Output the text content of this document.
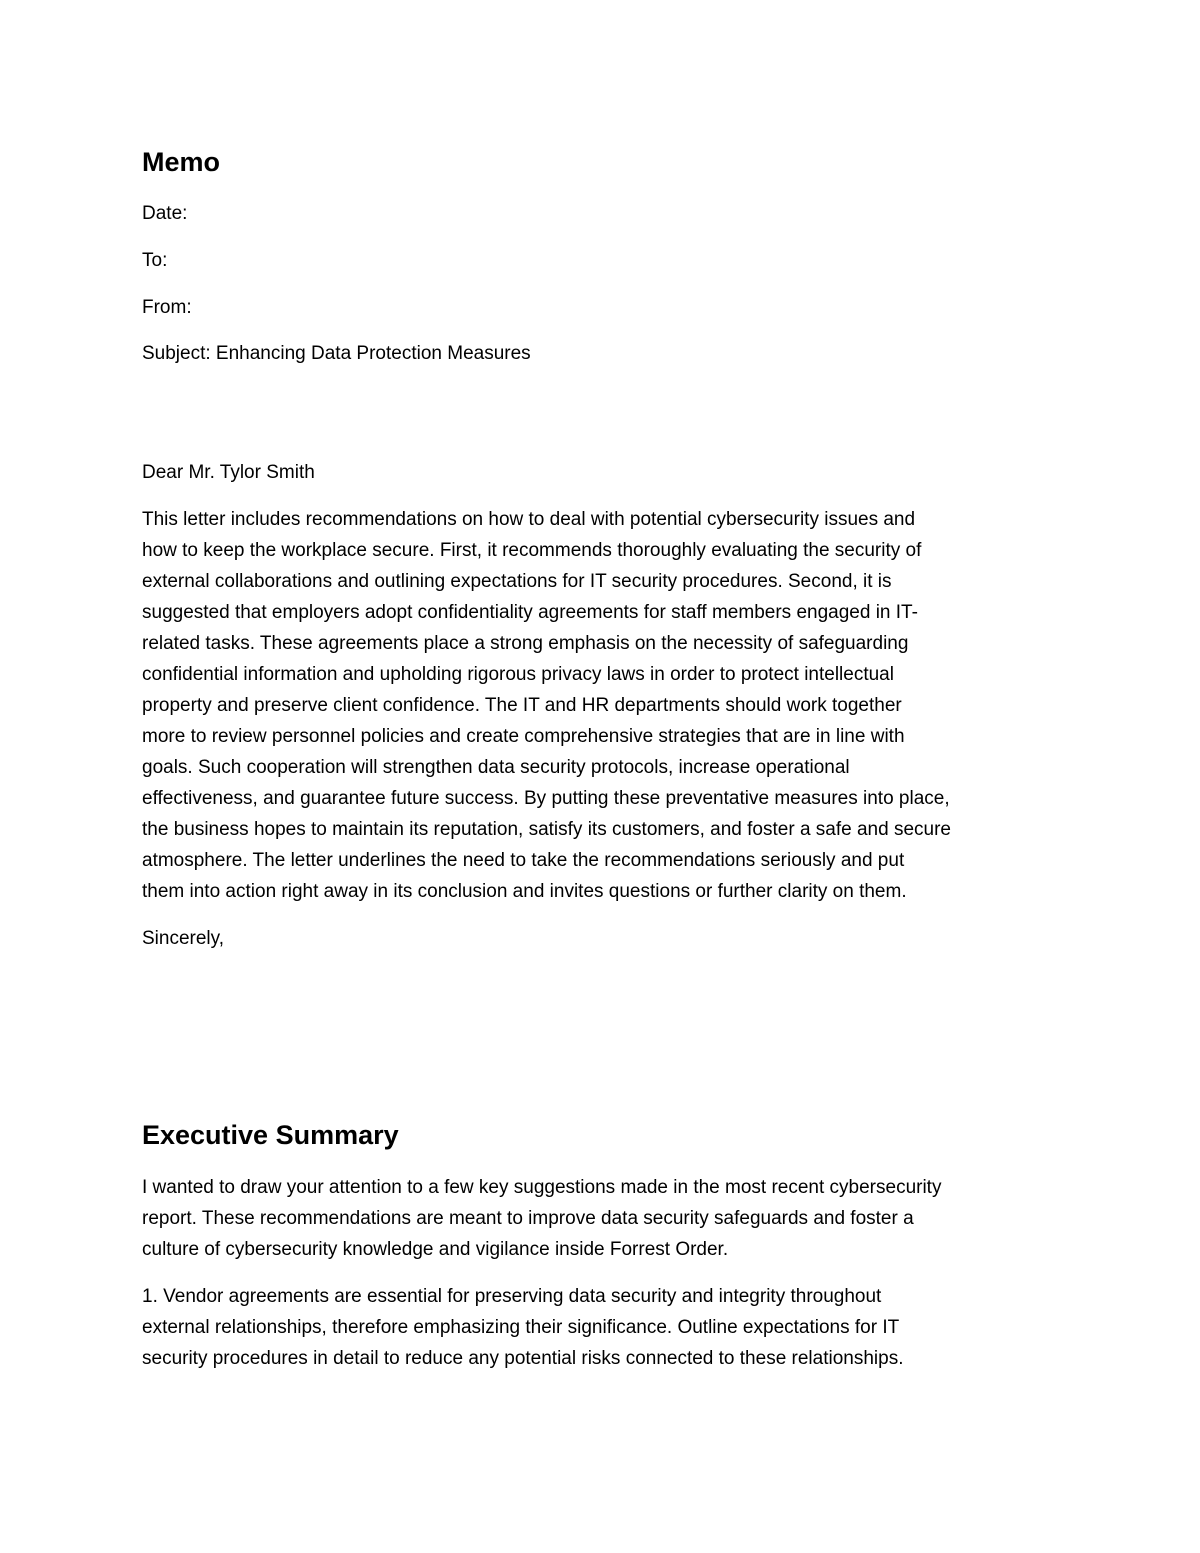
Memo

Date:

To:

From:

Subject: Enhancing Data Protection Measures

Dear Mr. Tylor Smith

This letter includes recommendations on how to deal with potential cybersecurity issues and
how to keep the workplace secure. First, it recommends thoroughly evaluating the security of
external collaborations and outlining expectations for IT security procedures. Second, it is
suggested that employers adopt confidentiality agreements for staff members engaged in IT-
related tasks. These agreements place a strong emphasis on the necessity of safeguarding
confidential information and upholding rigorous privacy laws in order to protect intellectual
property and preserve client confidence. The IT and HR departments should work together
more to review personnel policies and create comprehensive strategies that are in line with
goals. Such cooperation will strengthen data security protocols, increase operational
effectiveness, and guarantee future success. By putting these preventative measures into place,
the business hopes to maintain its reputation, satisfy its customers, and foster a safe and secure
atmosphere. The letter underlines the need to take the recommendations seriously and put
them into action right away in its conclusion and invites questions or further clarity on them.

Sincerely,

Executive Summary
I wanted to draw your attention to a few key suggestions made in the most recent cybersecurity
report. These recommendations are meant to improve data security safeguards and foster a
culture of cybersecurity knowledge and vigilance inside Forrest Order.
1. Vendor agreements are essential for preserving data security and integrity throughout
external relationships, therefore emphasizing their significance. Outline expectations for IT
security procedures in detail to reduce any potential risks connected to these relationships.
